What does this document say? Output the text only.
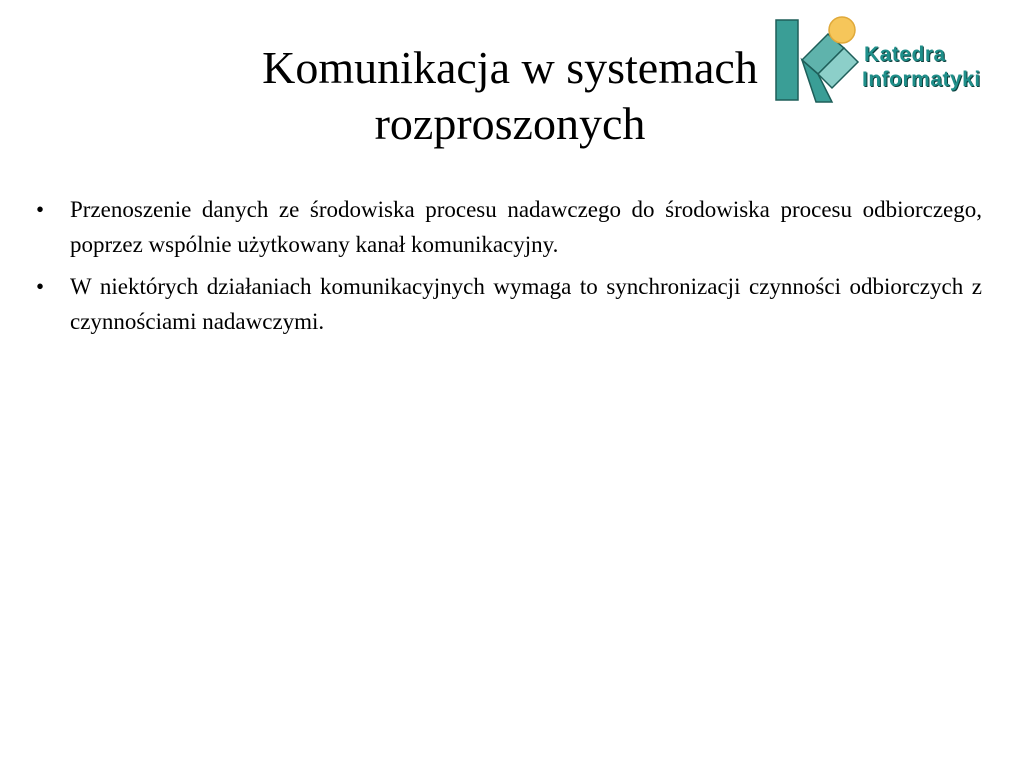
Komunikacja w systemach
rozproszonych
Katedra
Informatyki
• Przenoszenie danych ze środowiska procesu nadawczego do środowiska procesu odbiorczego, poprzez wspólnie użytkowany kanał komunikacyjny.
• W niektórych działaniach komunikacyjnych wymaga to synchronizacji czynności odbiorczych z czynnościami nadawczymi.
